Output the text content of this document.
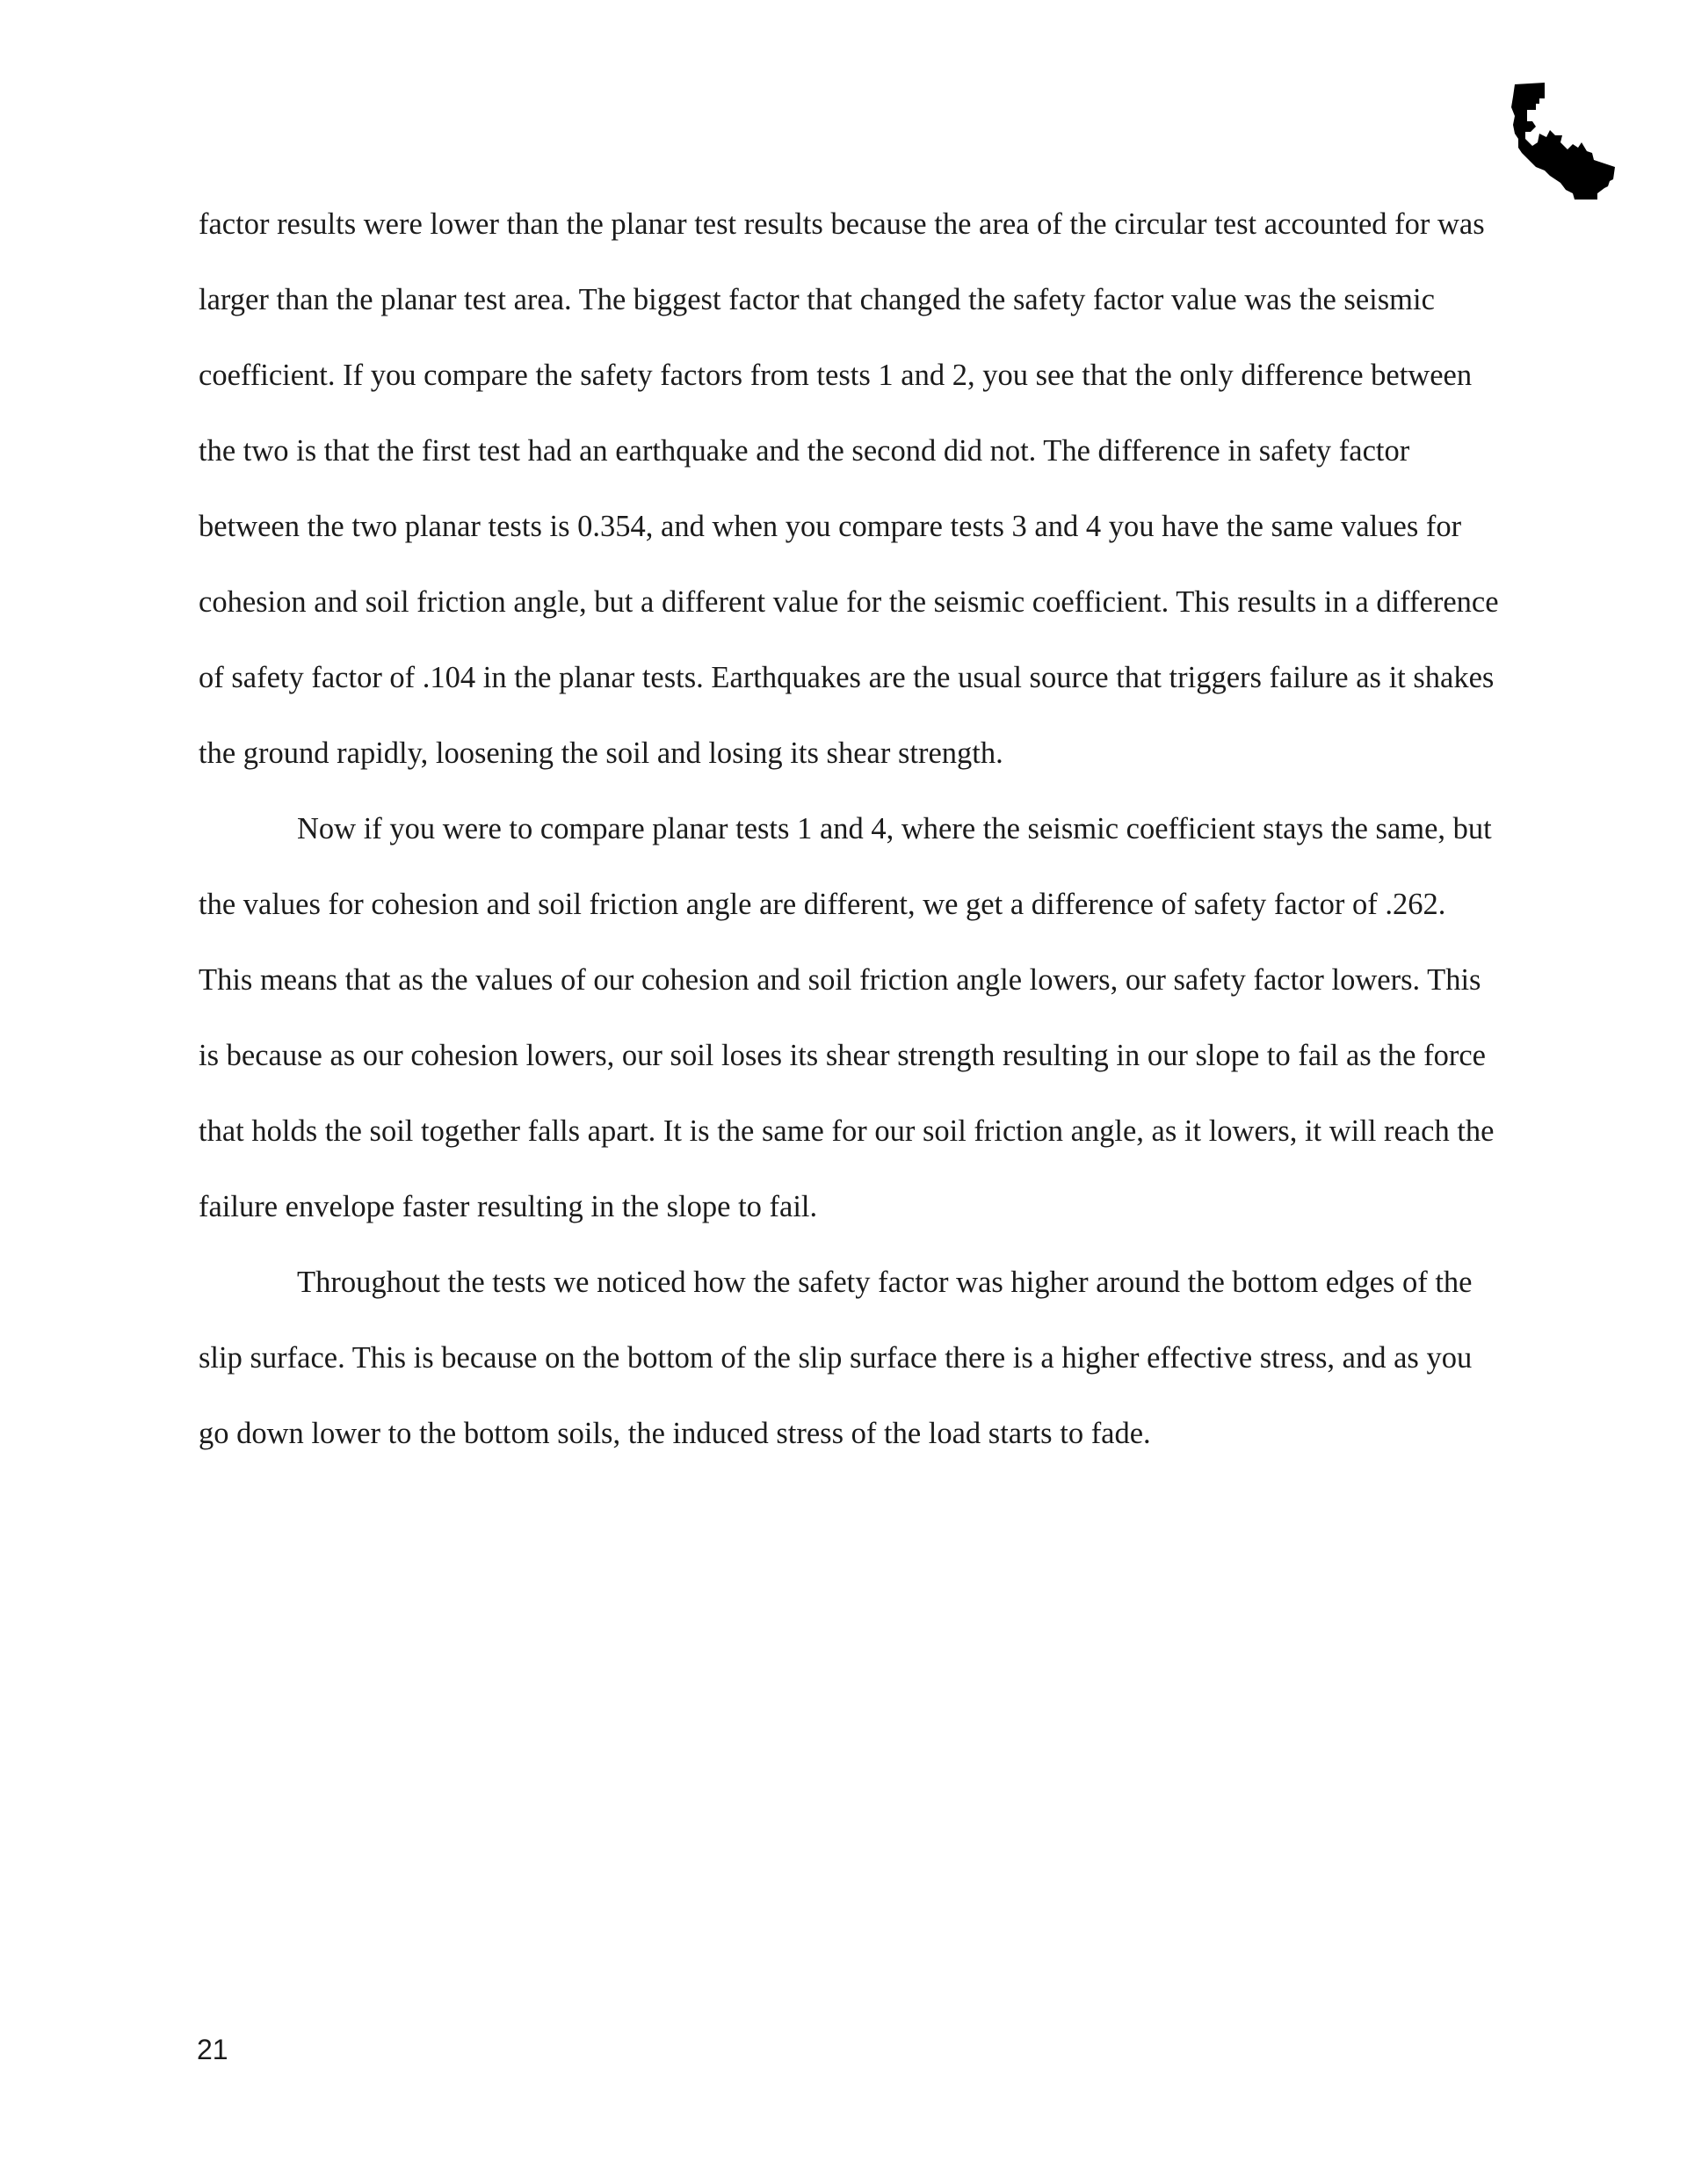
factor results were lower than the planar test results because the area of the circular test accounted for was larger than the planar test area. The biggest factor that changed the safety factor value was the seismic coefficient. If you compare the safety factors from tests 1 and 2, you see that the only difference between the two is that the first test had an earthquake and the second did not. The difference in safety factor between the two planar tests is 0.354, and when you compare tests 3 and 4 you have the same values for cohesion and soil friction angle, but a different value for the seismic coefficient. This results in a difference of safety factor of .104 in the planar tests. Earthquakes are the usual source that triggers failure as it shakes the ground rapidly, loosening the soil and losing its shear strength.

Now if you were to compare planar tests 1 and 4, where the seismic coefficient stays the same, but the values for cohesion and soil friction angle are different, we get a difference of safety factor of .262. This means that as the values of our cohesion and soil friction angle lowers, our safety factor lowers. This is because as our cohesion lowers, our soil loses its shear strength resulting in our slope to fail as the force that holds the soil together falls apart. It is the same for our soil friction angle, as it lowers, it will reach the failure envelope faster resulting in the slope to fail.

Throughout the tests we noticed how the safety factor was higher around the bottom edges of the slip surface. This is because on the bottom of the slip surface there is a higher effective stress, and as you go down lower to the bottom soils, the induced stress of the load starts to fade.

21
